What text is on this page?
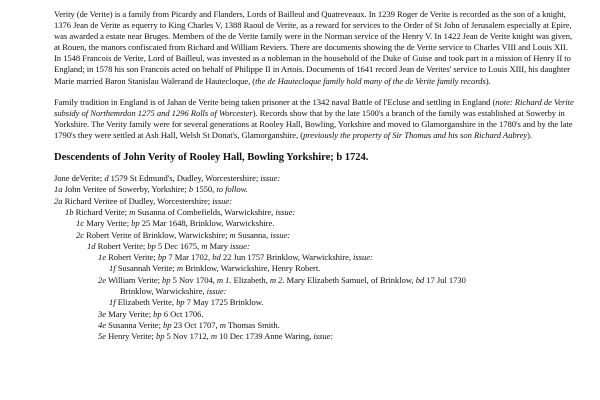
Verity (de Verite) is a family from Picardy and Flanders, Lords of Bailleul and Quatreveaux. In 1239 Roger de Verite is recorded as the son of a knight, 1376 Jean de Verite as equerry to King Charles V, 1388 Raoul de Verite, as a reward for services to the Order of St John of Jerusalem especially at Epire, was awarded a estate near Bruges. Members of the de Verite family were in the Norman service of the Henry V. In 1422 Jean de Verite knight was given, at Rouen, the manors confiscated from Richard and William Reviers. There are documents showing the de Verite service to Charles VIII and Louis XII. In 1548 Francois de Verite, Lord of Bailleul, was invested as a nobleman in the household of the Duke of Guise and took part in a mission of Henry II to England; in 1578 his son Francois acted on behalf of Philippe II in Artois. Documents of 1641 record Jean de Verites' service to Louis XIII, his daughter Marie married Baron Stanislau Walerand de Hautecloque, (the de Hautecloque family hold many of the de Verite family records).

Family tradition in England is of Jahan de Verite being taken prisoner at the 1342 naval Battle of l'Ecluse and settling in England (note: Richard de Verite subsidy of Northemrdon 1275 and 1296 Rolls of Worcester). Records show that by the late 1500's a branch of the family was established at Sowerby in Yorkshire. The Verity family were for several generations at Rooley Hall, Bowling, Yorkshire and moved to Glamorganshire in the 1780's and by the late 1790's they were settled at Ash Hall, Welsh St Donat's, Glamorganshire, (previously the property of Sir Thomas and his son Richard Aubrey).

Descendents of John Verity of Rooley Hall, Bowling Yorkshire; b 1724.
Jone deVerite; d 1579 St Edmund's, Dudley, Worcestershire; issue:
1a John Veritee of Sowerby, Yorkshire; b 1550, to follow.
2a Richard Veritee of Dudley, Worcestershire; issue:
1b Richard Verite; m Susanna of Combefields, Warwickshire, issue:
1c Mary Verite; bp 25 Mar 1648, Brinklow, Warwickshire.
2c Robert Verite of Brinklow, Warwickshire; m Susanna, issue:
1d Robert Verite; bp 5 Dec 1675, m Mary issue:
1e Robert Verite; bp 7 Mar 1702, bd 22 Jun 1757 Brinklow, Warwickshire, issue:
1f Susannah Verite; m Brinklow, Warwickshire, Henry Robert.
2e William Verite; bp 5 Nov 1704, m 1. Elizabeth, m 2. Mary Elizabeth Samuel, of Brinklow, bd 17 Jul 1730
Brinklow, Warwickshire, issue:
1f Elizabeth Verite, bp 7 May 1725 Brinklow.
3e Mary Verite; bp 6 Oct 1706.
4e Susanna Verite; bp 23 Oct 1707, m Thomas Smith.
5e Henry Verite; bp 5 Nov 1712, m 10 Dec 1739 Anne Waring, issue:
